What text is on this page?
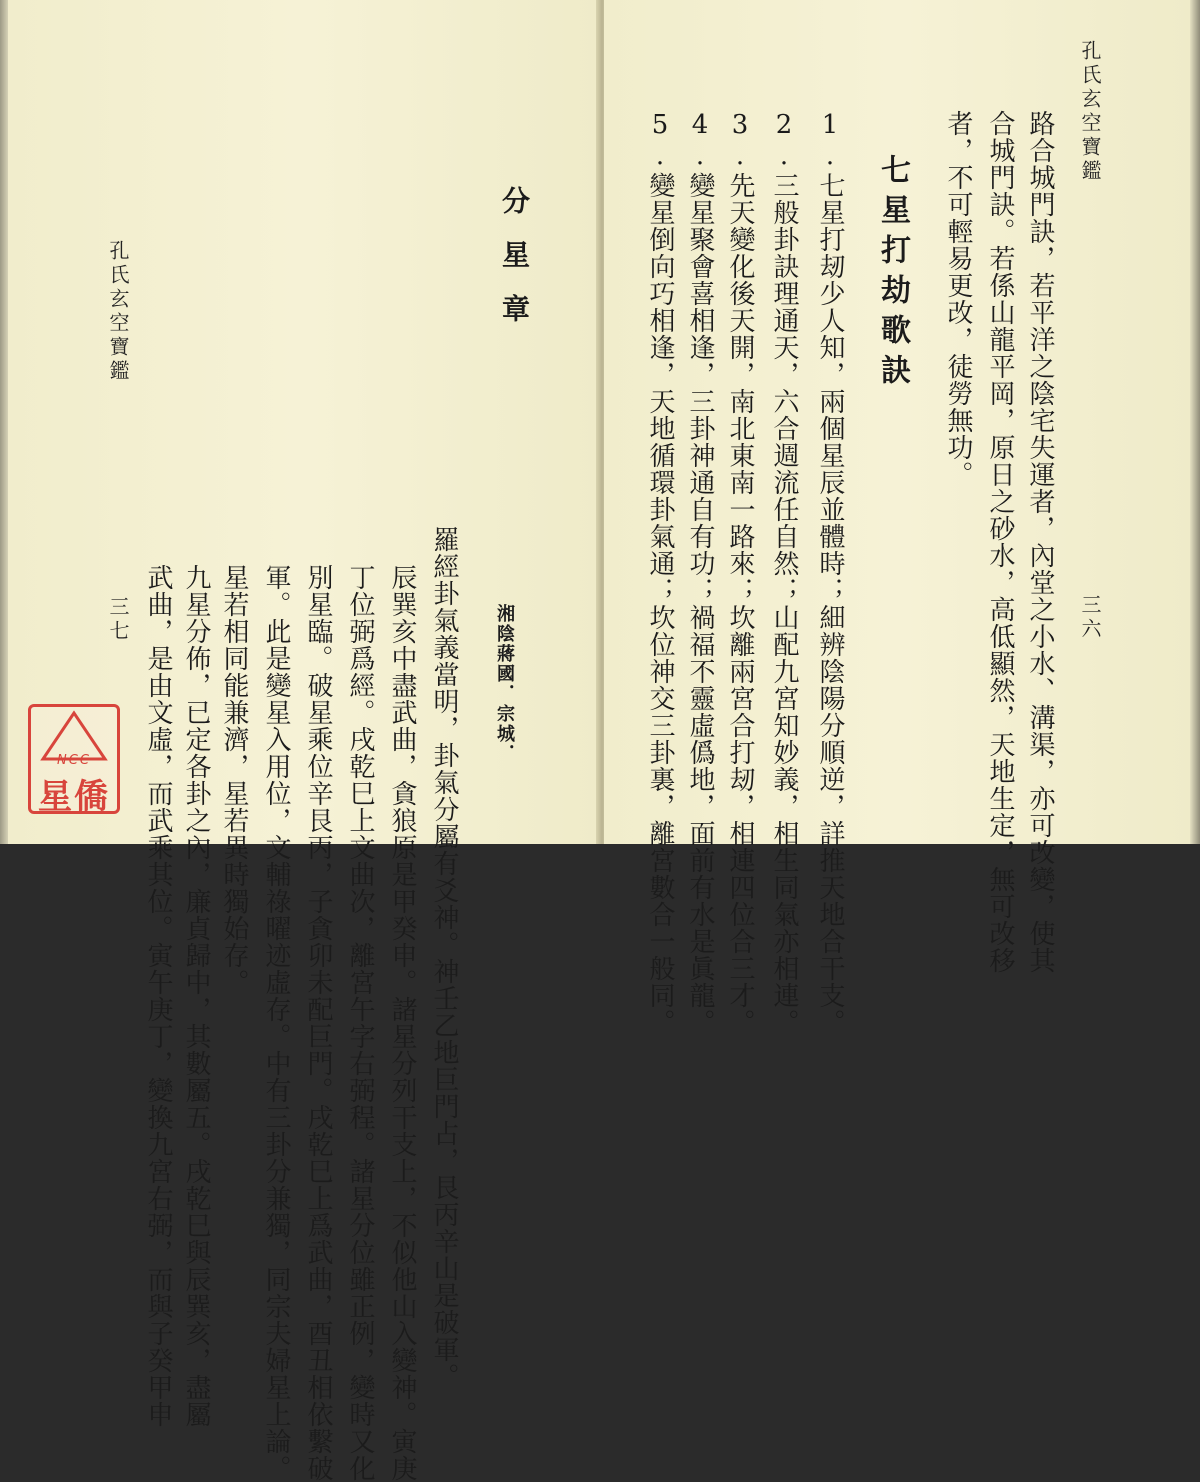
孔氏玄空寶鑑
三七 武曲，是由文虛，而武乘其位。寅午庚丁，變換九宮右弼，而與子癸甲申 九星分佈，已定各卦之內，廉貞歸中，其數屬五。戌乾巳與辰巽亥，盡屬 星若相同能兼濟，星若異時獨始存。 軍。此是變星入用位，文輔祿曜迹虛存。中有三卦分兼獨，同宗夫婦星上論。 別星臨。破星乘位辛艮丙，子貪卯未配巨門。戌乾巳上爲武曲，酉丑相依繫破 丁位弼爲經。戌乾巳上文曲次，離宮午字右弼程。諸星分位雖正例，變時又化 辰巽亥中盡武曲，貪狼原是甲癸申。諸星分列干支上，不似他山入變神。寅庚 羅經卦氣義當明，卦氣分屬有爻神。神壬乙地巨門占，艮丙辛山是破軍。	湘陰蔣國．宗城．
分星章	5.變星倒向巧相逢，天地循環卦氣通；坎位神交三卦裏，離宮數合一般同。 4.變星聚會喜相逢，三卦神通自有功；禍福不靈虛僞地，面前有水是眞龍。 3.先天變化後天開，南北東南一路來；坎離兩宮合打刼，相連四位合三才。 2.三般卦訣理通天，六合週流任自然；山配九宮知妙義，相生同氣亦相連。 1.七星打刼少人知，兩個星辰並體時；細辨陰陽分順逆，詳推天地合干支。 七星打劫歌訣 者，不可輕易更改，徒勞無功。 合城門訣。若係山龍平岡，原日之砂水，高低顯然，天地生定，無可改移 路合城門訣，若平洋之陰宅失運者，內堂之小水、溝渠，亦可改變，使其	孔氏玄空寶鑑
三六
NCC
星僑
